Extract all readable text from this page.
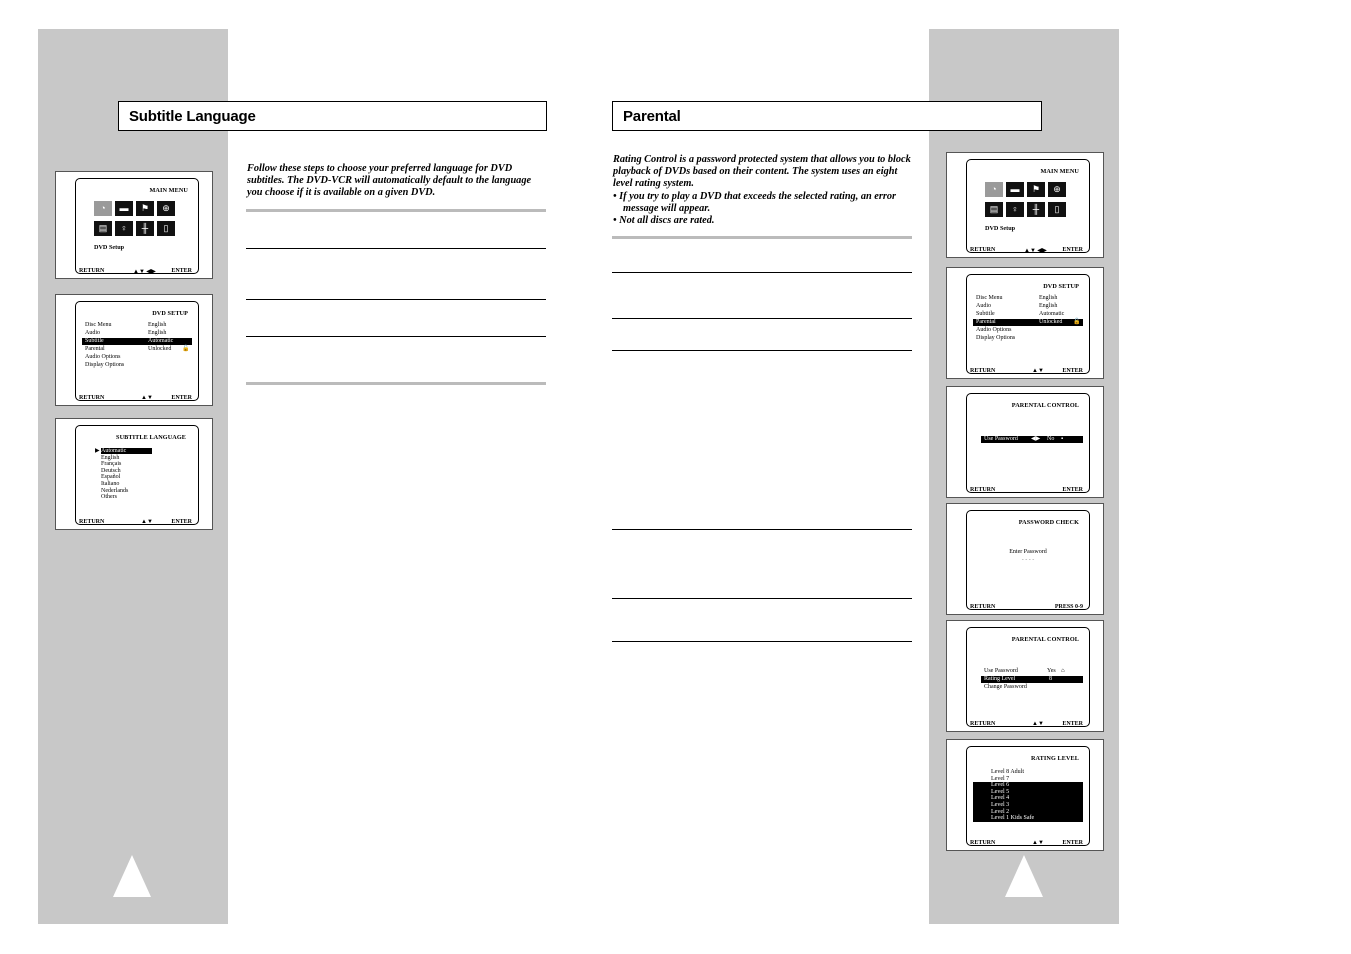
Subtitle Language	Parental

Follow these steps to choose your preferred language for DVD subtitles. The DVD-VCR will automatically default to the language you choose if it is available on a given DVD.

Rating Control is a password protected system that allows you to block playback of DVDs based on their content. The system uses an eight level rating system.

• If you try to play a DVD that exceeds the selected rating, an error message will appear.

• Not all discs are rated.

MAIN MENU
◔ ▬ ⚑ ⊕ ▤ ♀ ╫ ▯
DVD Setup
RETURN	▲▼ ◀▶	ENTER
DVD SETUP
Disc Menu	English
Audio	English
Subtitle	Automatic
Parental	Unlocked 🔓
Audio Options
Display Options
RETURN	▲▼	ENTER
SUBTITLE LANGUAGE
▶ Automatic
English
Français
Deutsch
Español
Italiano
Nederlands
Others
RETURN	▲▼	ENTER
MAIN MENU
◔ ▬ ⚑ ⊕ ▤ ♀ ╫ ▯
DVD Setup
RETURN	▲▼ ◀▶	ENTER
DVD SETUP
Disc Menu	English
Audio	English
Subtitle	Automatic
Parental	Unlocked 🔓
Audio Options
Display Options
RETURN	▲▼	ENTER
PARENTAL CONTROL
Use Password ◀▶ No ▪
RETURN	ENTER
PASSWORD CHECK
Enter Password
- - - -
RETURN	PRESS 0-9
PARENTAL CONTROL
Use Password	Yes ⌂
Rating Level	8
Change Password
RETURN	▲▼	ENTER
RATING LEVEL
Level 8 Adult
Level 7
Level 6
Level 5
Level 4
Level 3
Level 2
Level 1 Kids Safe
RETURN	▲▼	ENTER
